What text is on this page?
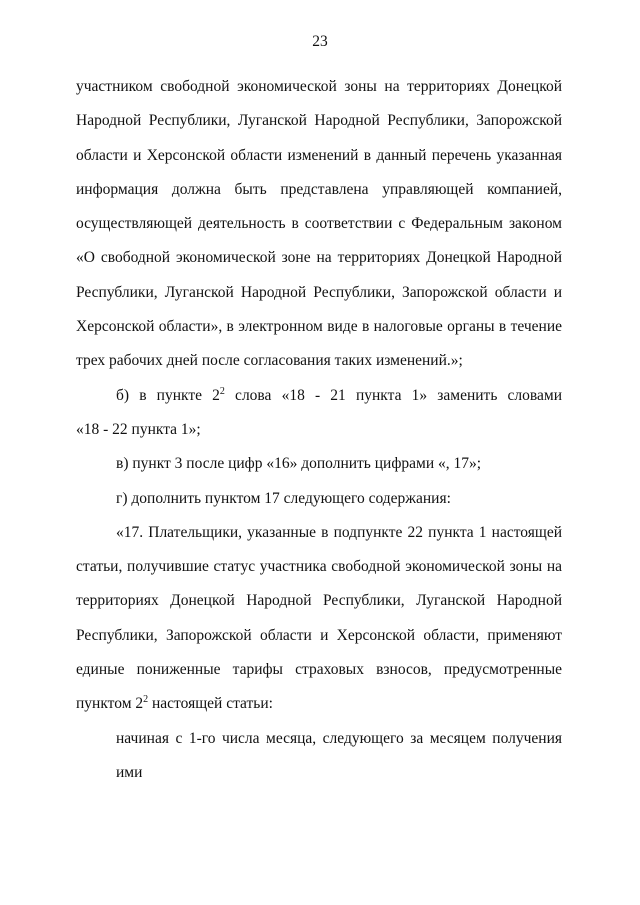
23
участником свободной экономической зоны на территориях Донецкой
Народной Республики, Луганской Народной Республики, Запорожской
области и Херсонской области изменений в данный перечень указанная
информация должна быть представлена управляющей компанией,
осуществляющей деятельность в соответствии с Федеральным законом
«О свободной экономической зоне на территориях Донецкой Народной
Республики, Луганской Народной Республики, Запорожской области и
Херсонской области», в электронном виде в налоговые органы в течение
трех рабочих дней после согласования таких изменений.»;
б) в пункте $2^2$ слова «18 - 21 пункта 1» заменить словами
«18 - 22 пункта 1»;
в) пункт 3 после цифр «16» дополнить цифрами «, 17»;
г) дополнить пунктом 17 следующего содержания:
«17. Плательщики, указанные в подпункте 22 пункта 1 настоящей
статьи, получившие статус участника свободной экономической зоны на
территориях Донецкой Народной Республики, Луганской Народной
Республики, Запорожской области и Херсонской области, применяют
единые пониженные тарифы страховых взносов, предусмотренные
пунктом $2^2$ настоящей статьи:
начиная с 1-го числа месяца, следующего за месяцем получения ими
